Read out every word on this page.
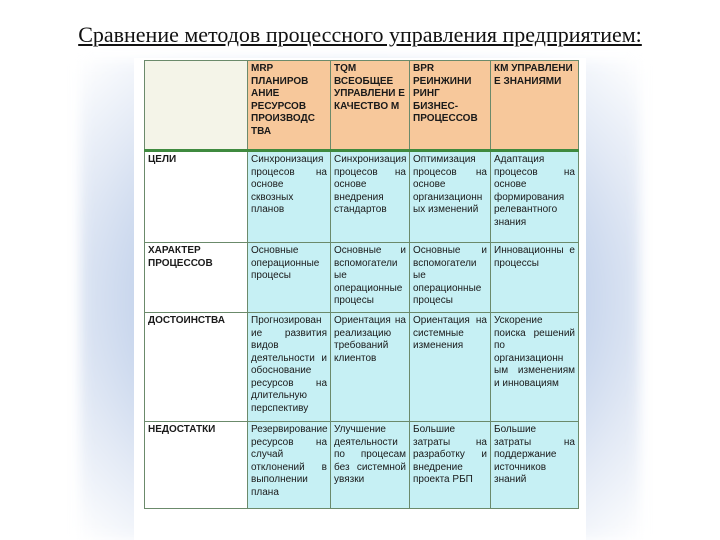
Сравнение методов процессного управления предприятием:
	MRP ПЛАНИРОВ АНИЕ РЕСУРСОВ ПРОИЗВОДС ТВА	TQM ВСЕОБЩЕЕ УПРАВЛЕНИ Е КАЧЕСТВО М	BPR РЕИНЖИНИ РИНГ БИЗНЕС-ПРОЦЕССОВ	КМ УПРАВЛЕНИ Е ЗНАНИЯМИ
ЦЕЛИ	Синхронизация процесов на основе сквозных планов	Синхронизация процесов на основе внедрения стандартов	Оптимизация процесов на основе организационн ых изменений	Адаптация процесов на основе формирования релевантного знания
ХАРАКТЕР ПРОЦЕССОВ	Основные операционные процесы	Основные и вспомогатели ые операционные процесы	Основные и вспомогатели ые операционные процесы	Инновационны е процессы
ДОСТОИНСТВА	Прогнозирован ие развития видов деятельности и обоснование ресурсов на длительную перспективу	Ориентация на реализацию требований клиентов	Ориентация на системные изменения	Ускорение поиска решений по организационн ым изменениям и инновациям
НЕДОСТАТКИ	Резервирование ресурсов на случай отклонений в выполнении плана	Улучшение деятельности по процесам без системной увязки	Большие затраты на разработку и внедрение проекта РБП	Большие затраты на поддержание источников знаний
